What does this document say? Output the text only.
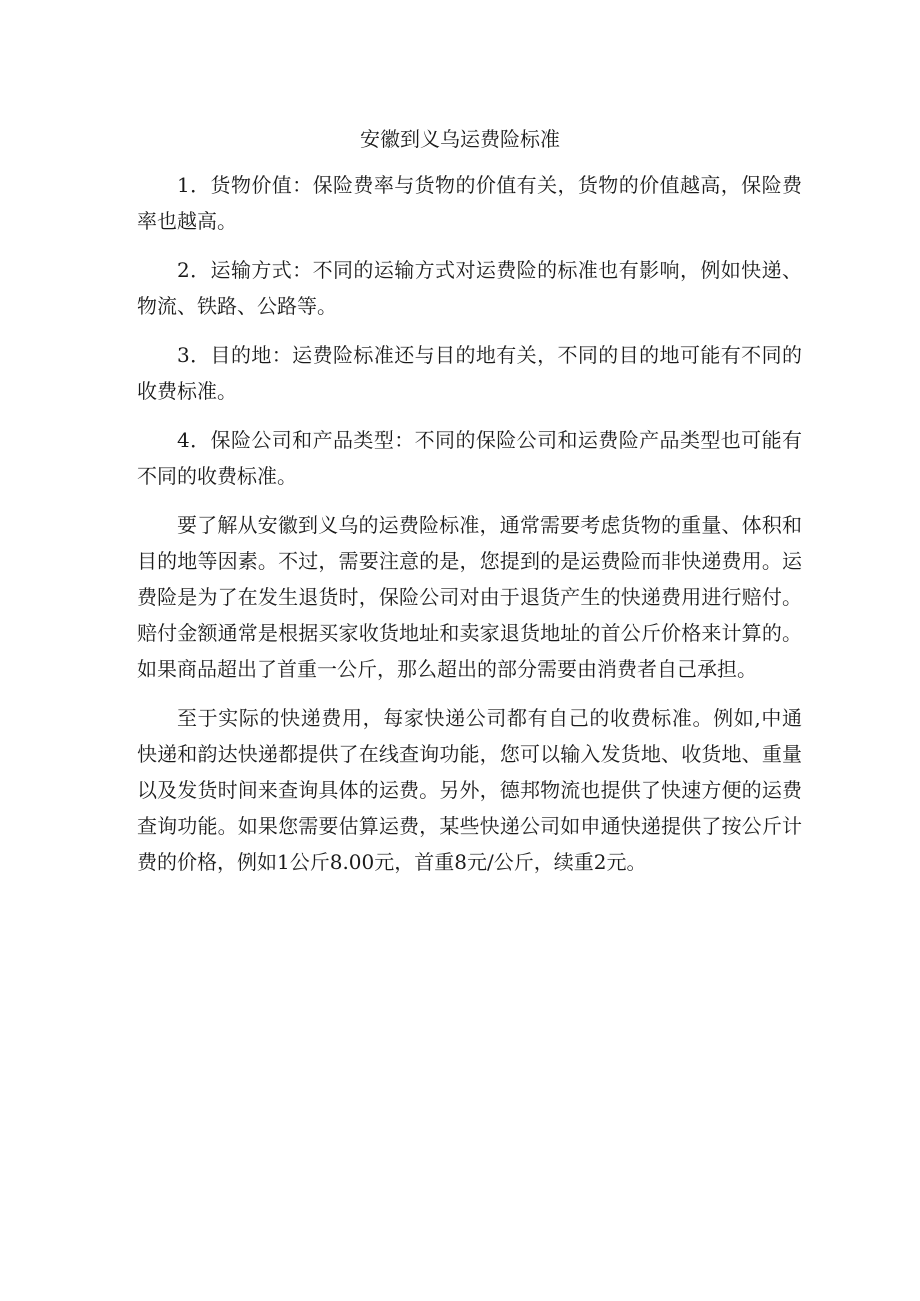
安徽到义乌运费险标准

1．货物价值：保险费率与货物的价值有关，货物的价值越高，保险费率也越高。

2．运输方式：不同的运输方式对运费险的标准也有影响，例如快递、物流、铁路、公路等。

3．目的地：运费险标准还与目的地有关，不同的目的地可能有不同的收费标准。

4．保险公司和产品类型：不同的保险公司和运费险产品类型也可能有不同的收费标准。

要了解从安徽到义乌的运费险标准，通常需要考虑货物的重量、体积和目的地等因素。不过，需要注意的是，您提到的是运费险而非快递费用。运费险是为了在发生退货时，保险公司对由于退货产生的快递费用进行赔付。赔付金额通常是根据买家收货地址和卖家退货地址的首公斤价格来计算的。如果商品超出了首重一公斤，那么超出的部分需要由消费者自己承担。

至于实际的快递费用，每家快递公司都有自己的收费标准。例如,中通快递和韵达快递都提供了在线查询功能，您可以输入发货地、收货地、重量以及发货时间来查询具体的运费。另外，德邦物流也提供了快速方便的运费查询功能。如果您需要估算运费，某些快递公司如申通快递提供了按公斤计费的价格，例如1公斤8.00元，首重8元/公斤，续重2元。
